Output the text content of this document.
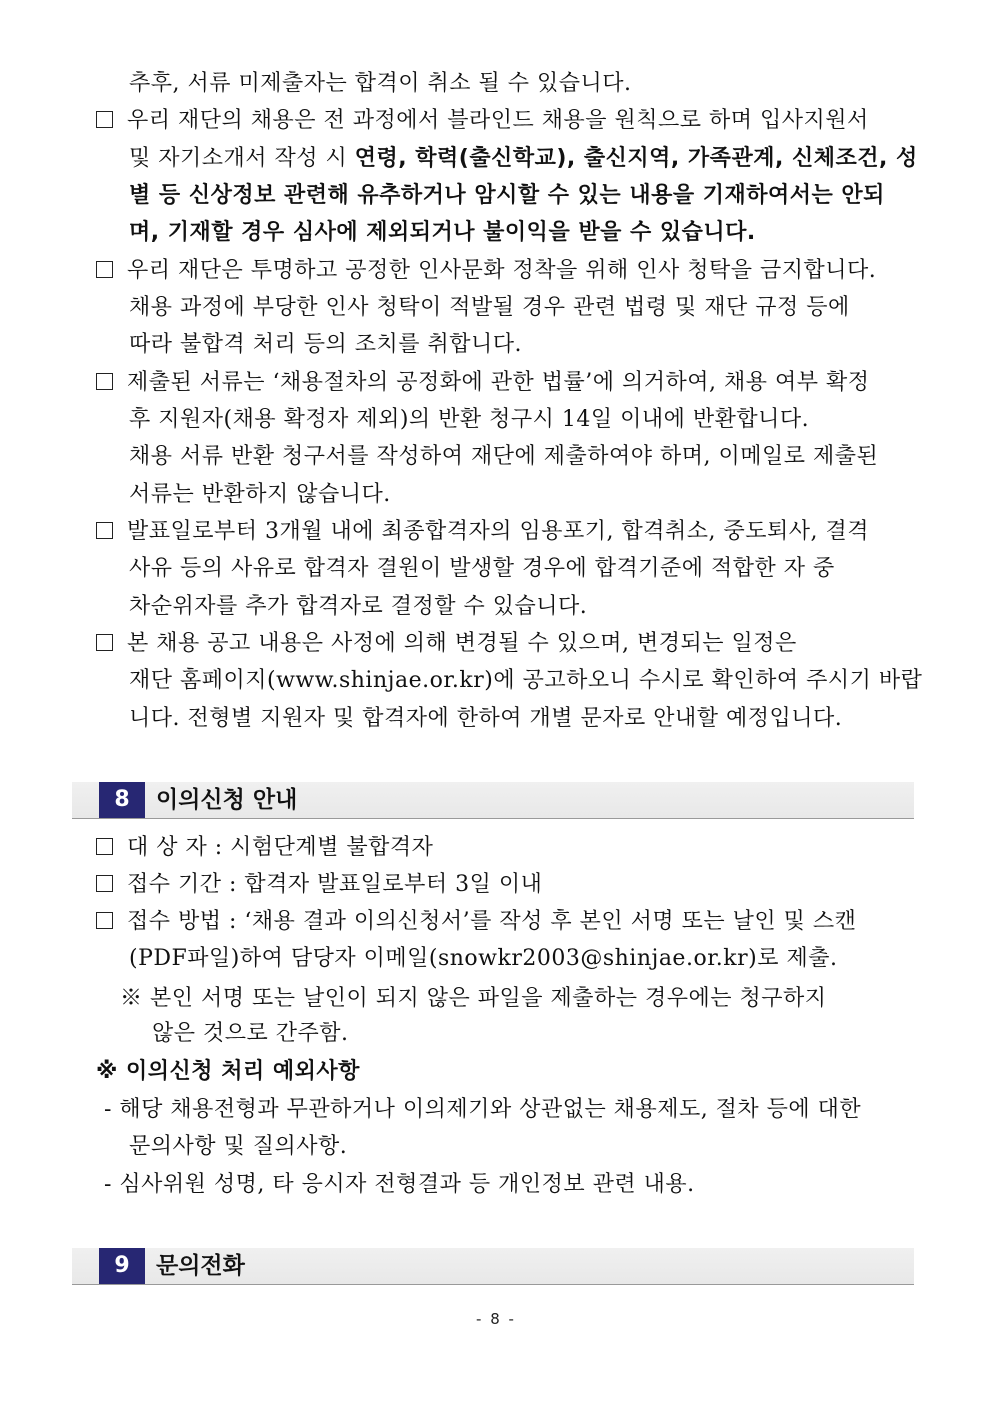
추후, 서류 미제출자는 합격이 취소 될 수 있습니다.
우리 재단의 채용은 전 과정에서 블라인드 채용을 원칙으로 하며 입사지원서
및 자기소개서 작성 시 연령, 학력(출신학교), 출신지역, 가족관계, 신체조건, 성
별 등 신상정보 관련해 유추하거나 암시할 수 있는 내용을 기재하여서는 안되
며, 기재할 경우 심사에 제외되거나 불이익을 받을 수 있습니다.
우리 재단은 투명하고 공정한 인사문화 정착을 위해 인사 청탁을 금지합니다.
채용 과정에 부당한 인사 청탁이 적발될 경우 관련 법령 및 재단 규정 등에
따라 불합격 처리 등의 조치를 취합니다.
제출된 서류는 ‘채용절차의 공정화에 관한 법률’에 의거하여, 채용 여부 확정
후 지원자(채용 확정자 제외)의 반환 청구시 14일 이내에 반환합니다.
채용 서류 반환 청구서를 작성하여 재단에 제출하여야 하며, 이메일로 제출된
서류는 반환하지 않습니다.
발표일로부터 3개월 내에 최종합격자의 임용포기, 합격취소, 중도퇴사, 결격
사유 등의 사유로 합격자 결원이 발생할 경우에 합격기준에 적합한 자 중
차순위자를 추가 합격자로 결정할 수 있습니다.
본 채용 공고 내용은 사정에 의해 변경될 수 있으며, 변경되는 일정은
재단 홈페이지(www.shinjae.or.kr)에 공고하오니 수시로 확인하여 주시기 바랍
니다. 전형별 지원자 및 합격자에 한하여 개별 문자로 안내할 예정입니다.
8	이의신청 안내
대 상 자 : 시험단계별 불합격자
접수 기간 : 합격자 발표일로부터 3일 이내
접수 방법 : ‘채용 결과 이의신청서’를 작성 후 본인 서명 또는 날인 및 스캔
(PDF파일)하여 담당자 이메일(snowkr2003@shinjae.or.kr)로 제출.
※ 본인 서명 또는 날인이 되지 않은 파일을 제출하는 경우에는 청구하지
않은 것으로 간주함.
※ 이의신청 처리 예외사항
- 해당 채용전형과 무관하거나 이의제기와 상관없는 채용제도, 절차 등에 대한
문의사항 및 질의사항.
- 심사위원 성명, 타 응시자 전형결과 등 개인정보 관련 내용.
9	문의전화
- 8 -
